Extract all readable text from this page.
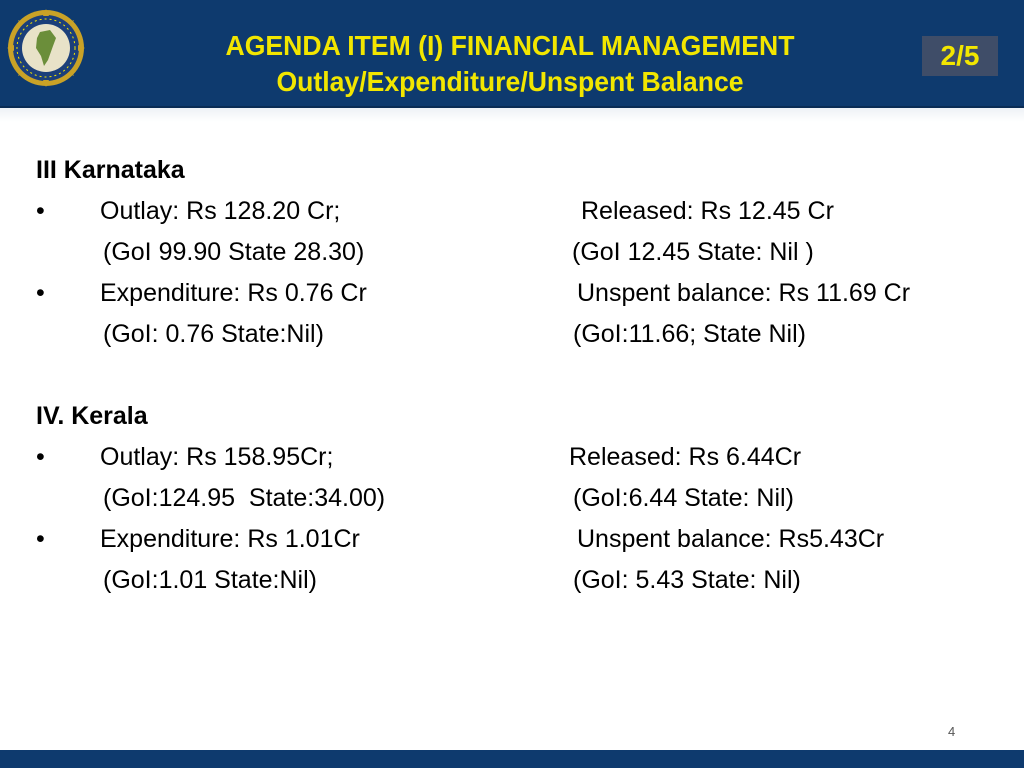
AGENDA ITEM (I) FINANCIAL MANAGEMENT
Outlay/Expenditure/Unspent Balance
2/5
III Karnataka
• Outlay: Rs 128.20 Cr;	Released: Rs 12.45 Cr
(GoI 99.90 State 28.30)	(GoI 12.45 State: Nil )
• Expenditure: Rs 0.76 Cr	Unspent balance: Rs 11.69 Cr
(GoI: 0.76 State:Nil)	(GoI:11.66; State Nil)
IV. Kerala
• Outlay: Rs 158.95Cr;	Released: Rs 6.44Cr
(GoI:124.95  State:34.00)	(GoI:6.44 State: Nil)
• Expenditure: Rs 1.01Cr	Unspent balance: Rs5.43Cr
(GoI:1.01 State:Nil)	(GoI: 5.43 State: Nil)
4
